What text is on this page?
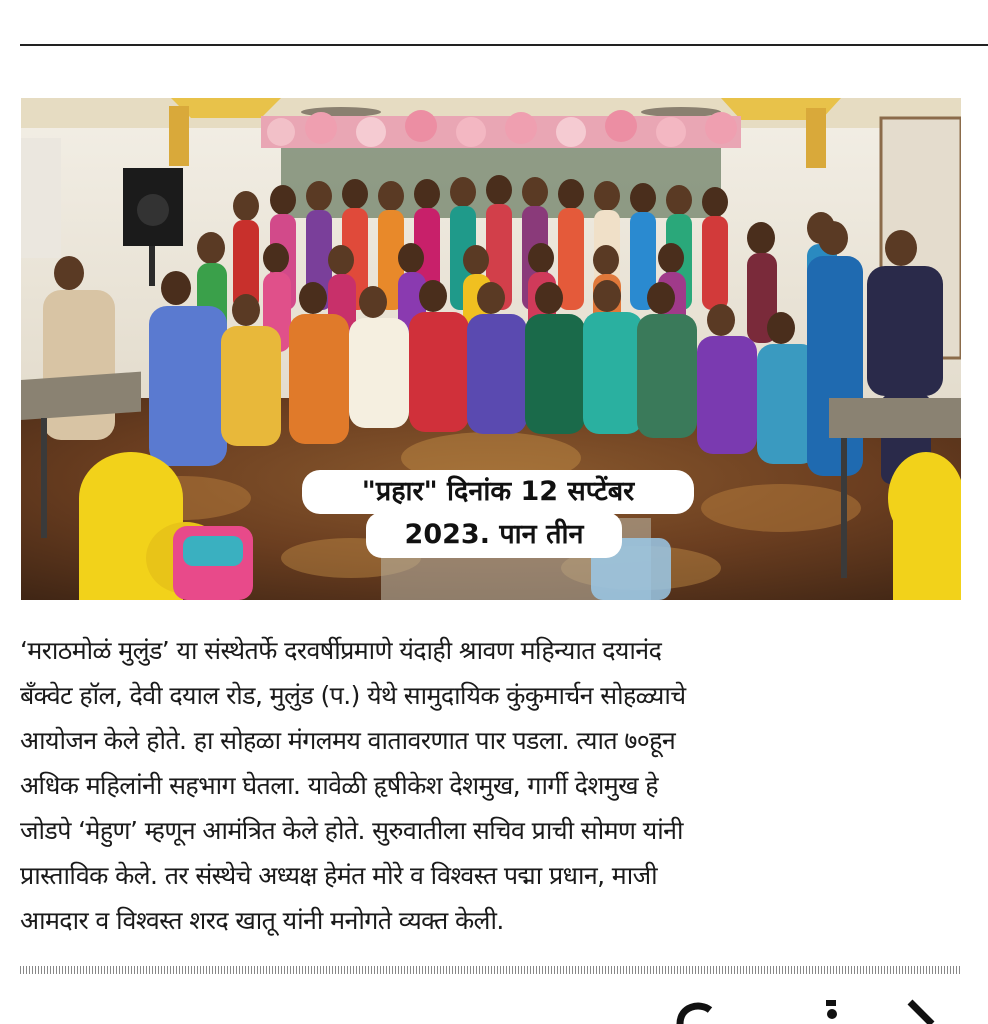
"प्रहार" दिनांक 12 सप्टेंबर
2023. पान तीन
‘मराठमोळं मुलुंड’ या संस्थेतर्फे दरवर्षीप्रमाणे यंदाही श्रावण महिन्यात दयानंद
बँक्वेट हॉल, देवी दयाल रोड, मुलुंड (प.) येथे सामुदायिक कुंकुमार्चन सोहळ्याचे
आयोजन केले होते. हा सोहळा मंगलमय वातावरणात पार पडला. त्यात ७०हून
अधिक महिलांनी सहभाग घेतला. यावेळी हृषीकेश देशमुख, गार्गी देशमुख हे
जोडपे ‘मेहुण’ म्हणून आमंत्रित केले होते. सुरुवातीला सचिव प्राची सोमण यांनी
प्रास्ताविक केले. तर संस्थेचे अध्यक्ष हेमंत मोरे व विश्वस्त पद्मा प्रधान, माजी
आमदार व विश्वस्त शरद खातू यांनी मनोगते व्यक्त केली.
